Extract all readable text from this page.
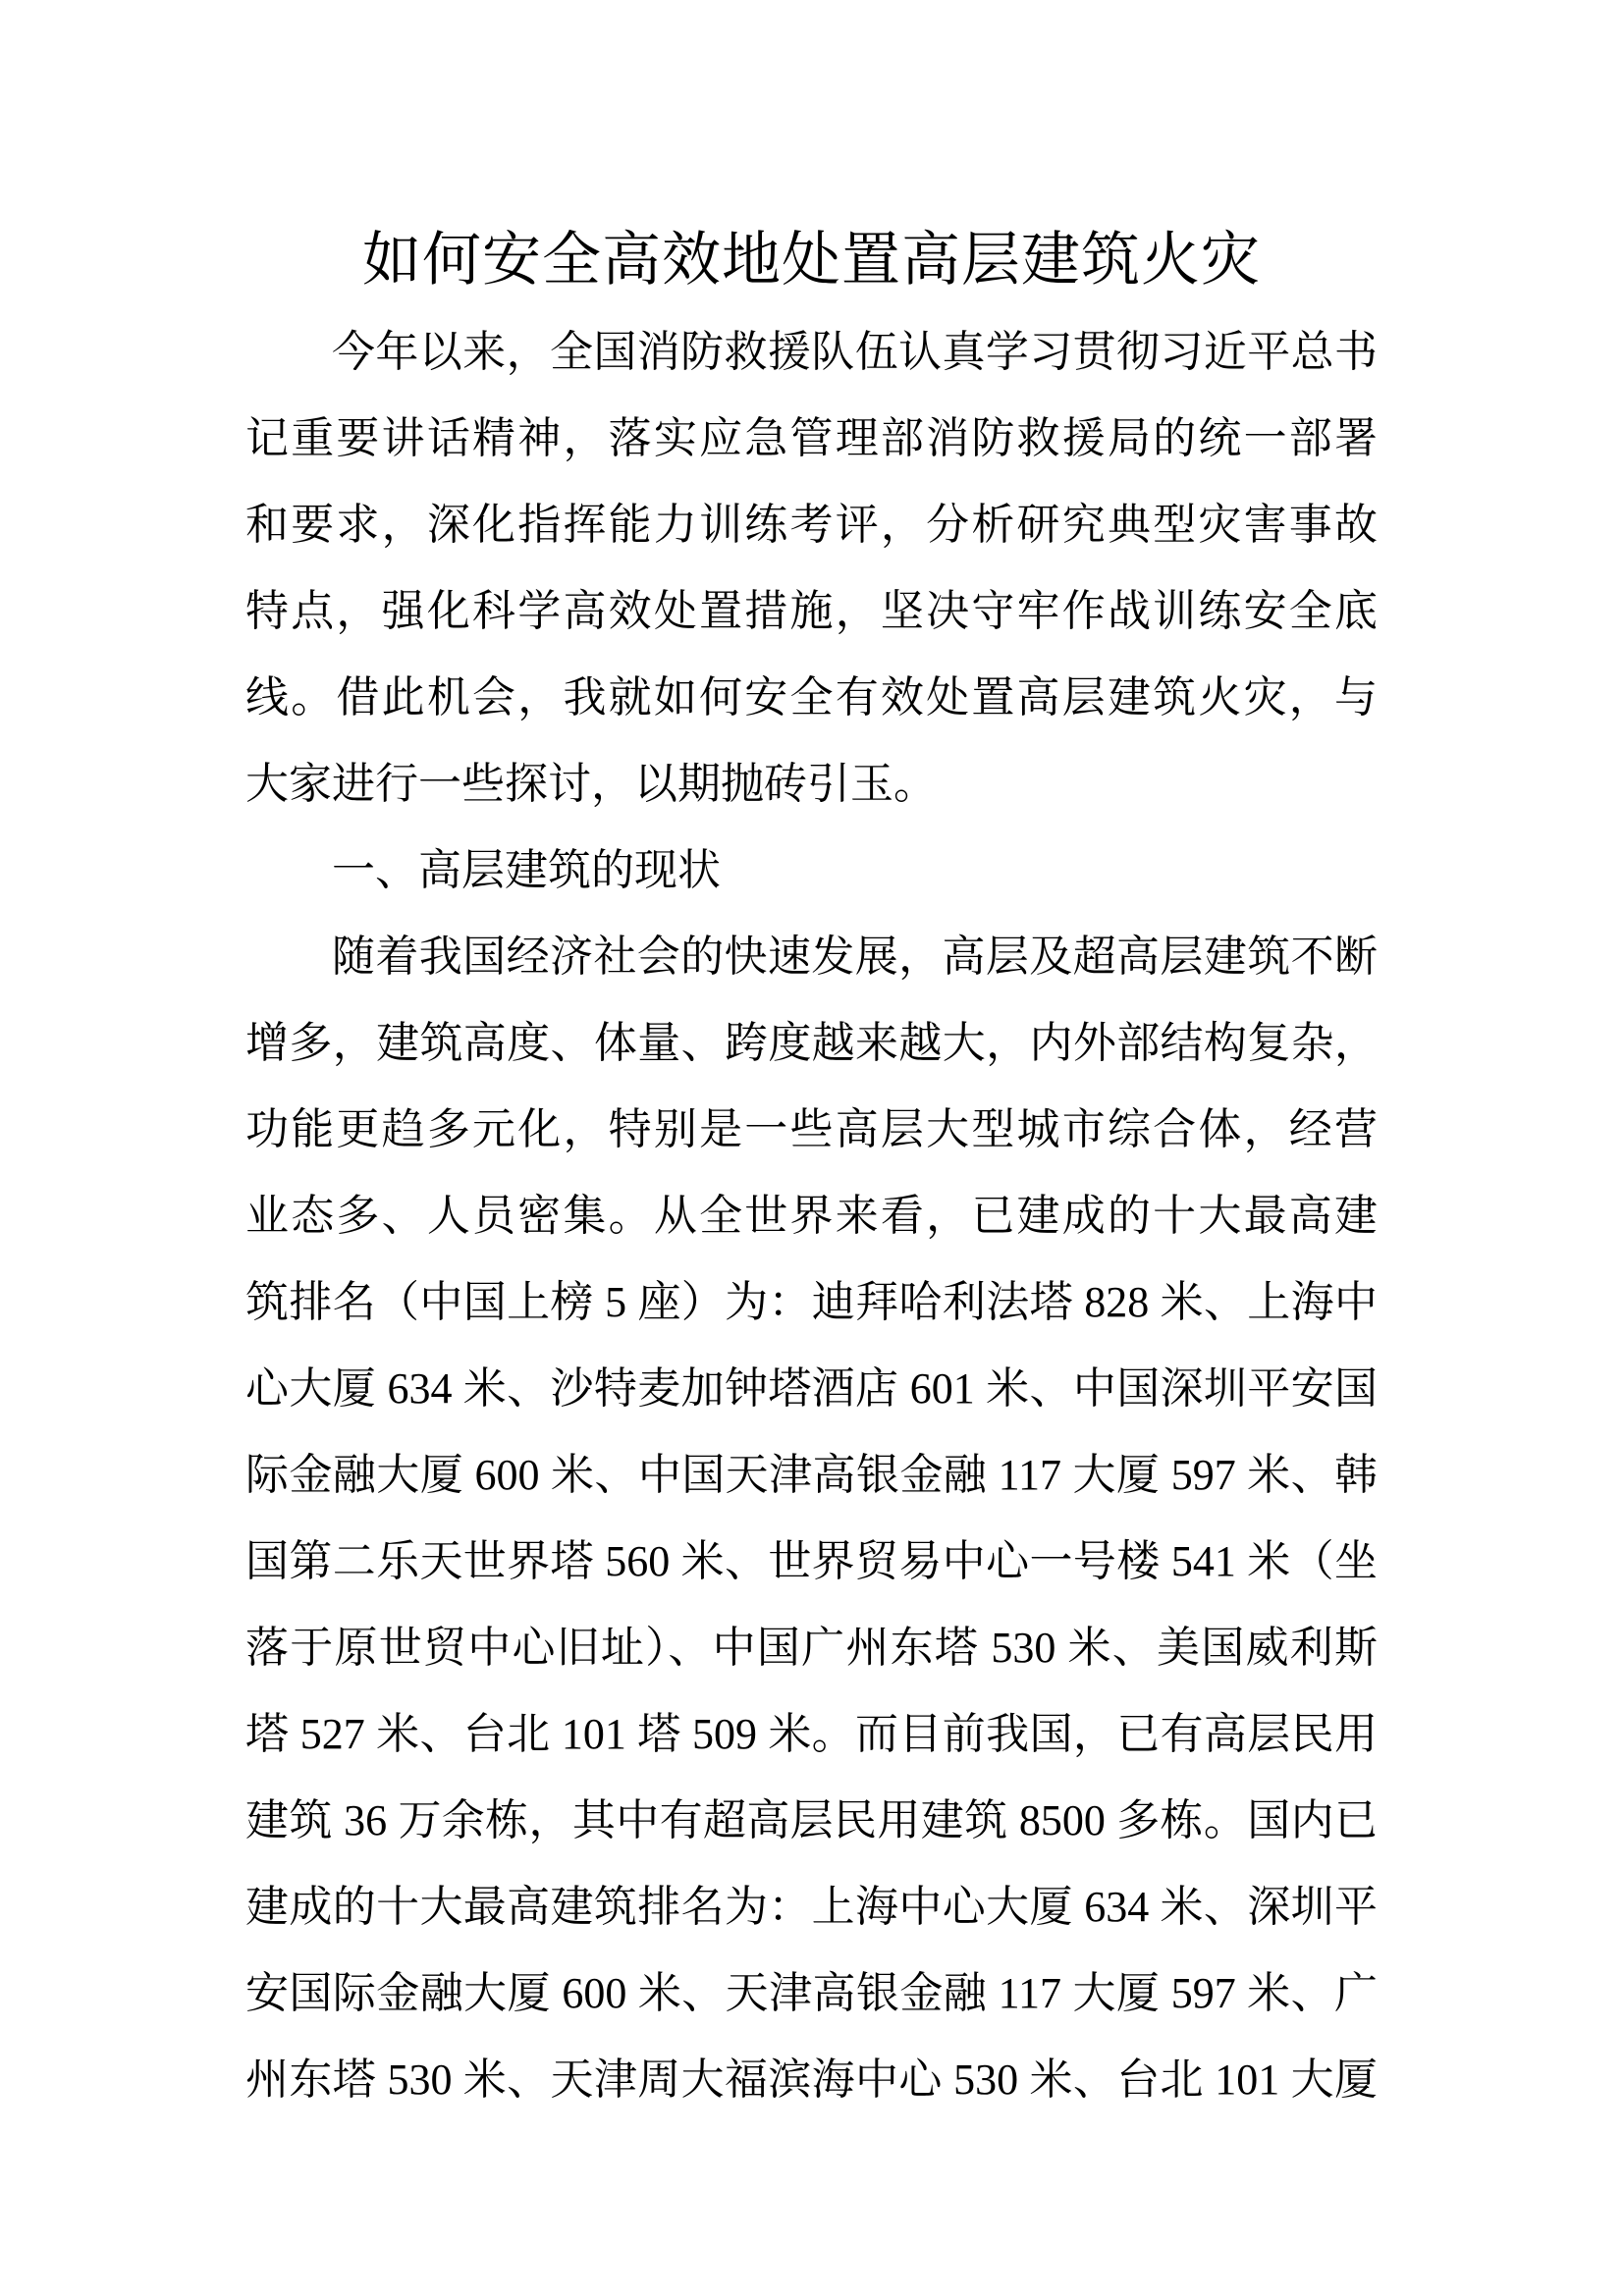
如何安全高效地处置高层建筑火灾
今年以来，全国消防救援队伍认真学习贯彻习近平总书
记重要讲话精神，落实应急管理部消防救援局的统一部署
和要求，深化指挥能力训练考评，分析研究典型灾害事故
特点，强化科学高效处置措施，坚决守牢作战训练安全底
线。借此机会，我就如何安全有效处置高层建筑火灾，与
大家进行一些探讨，以期抛砖引玉。
一、高层建筑的现状
随着我国经济社会的快速发展，高层及超高层建筑不断
增多，建筑高度、体量、跨度越来越大，内外部结构复杂，
功能更趋多元化，特别是一些高层大型城市综合体，经营
业态多、人员密集。从全世界来看，已建成的十大最高建
筑排名（中国上榜 5 座）为：迪拜哈利法塔 828 米、上海中
心大厦 634 米、沙特麦加钟塔酒店 601 米、中国深圳平安国
际金融大厦 600 米、中国天津高银金融 117 大厦 597 米、韩
国第二乐天世界塔 560 米、世界贸易中心一号楼 541 米（坐
落于原世贸中心旧址）、中国广州东塔 530 米、美国威利斯
塔 527 米、台北 101 塔 509 米。而目前我国，已有高层民用
建筑 36 万余栋，其中有超高层民用建筑 8500 多栋。国内已
建成的十大最高建筑排名为：上海中心大厦 634 米、深圳平
安国际金融大厦 600 米、天津高银金融 117 大厦 597 米、广
州东塔 530 米、天津周大福滨海中心 530 米、台北 101 大厦
